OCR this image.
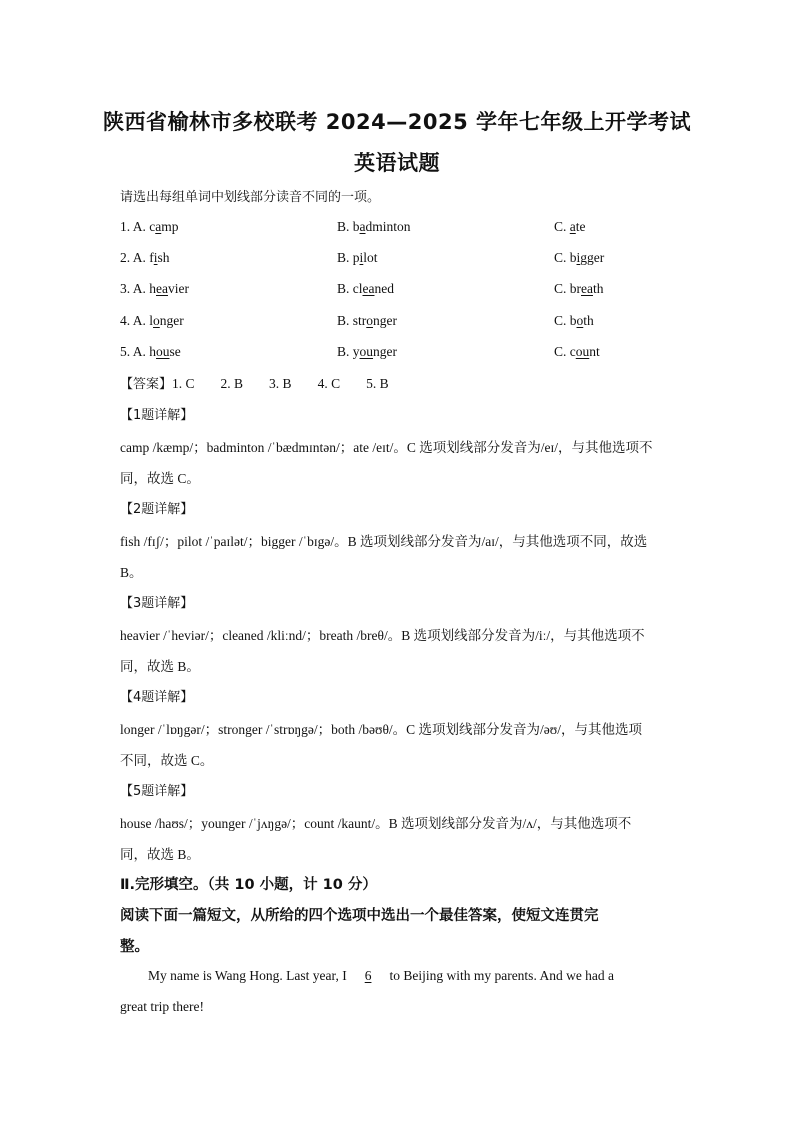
陕西省榆林市多校联考 2024—2025 学年七年级上开学考试
英语试题
请选出每组单词中划线部分读音不同的一项。
1. A. camp	B. badminton	C. ate
2. A. fish	B. pilot	C. bigger
3. A. heavier	B. cleaned	C. breath
4. A. longer	B. stronger	C. both
5. A. house	B. younger	C. count
【答案】1. C 2. B 3. B 4. C 5. B
【1题详解】
camp /kæmp/；badminton /ˈbædmɪntən/；ate /eɪt/。C 选项划线部分发音为/eɪ/，与其他选项不
同，故选 C。
【2题详解】
fish /fɪʃ/；pilot /ˈpaɪlət/；bigger /ˈbɪgə/。B 选项划线部分发音为/aɪ/，与其他选项不同，故选
B。
【3题详解】
heavier /ˈheviər/；cleaned /kliːnd/；breath /breθ/。B 选项划线部分发音为/iː/，与其他选项不
同，故选 B。
【4题详解】
longer /ˈlɒŋgər/；stronger /ˈstrɒŋgə/；both /bəʊθ/。C 选项划线部分发音为/əʊ/，与其他选项
不同，故选 C。
【5题详解】
house /haʊs/；younger /ˈjʌŋgə/；count /kaunt/。B 选项划线部分发音为/ʌ/，与其他选项不
同，故选 B。
Ⅱ.完形填空。（共 10 小题，计 10 分）
阅读下面一篇短文，从所给的四个选项中选出一个最佳答案，使短文连贯完
整。
My name is Wang Hong. Last year, I 6 to Beijing with my parents. And we had a
great trip there!
